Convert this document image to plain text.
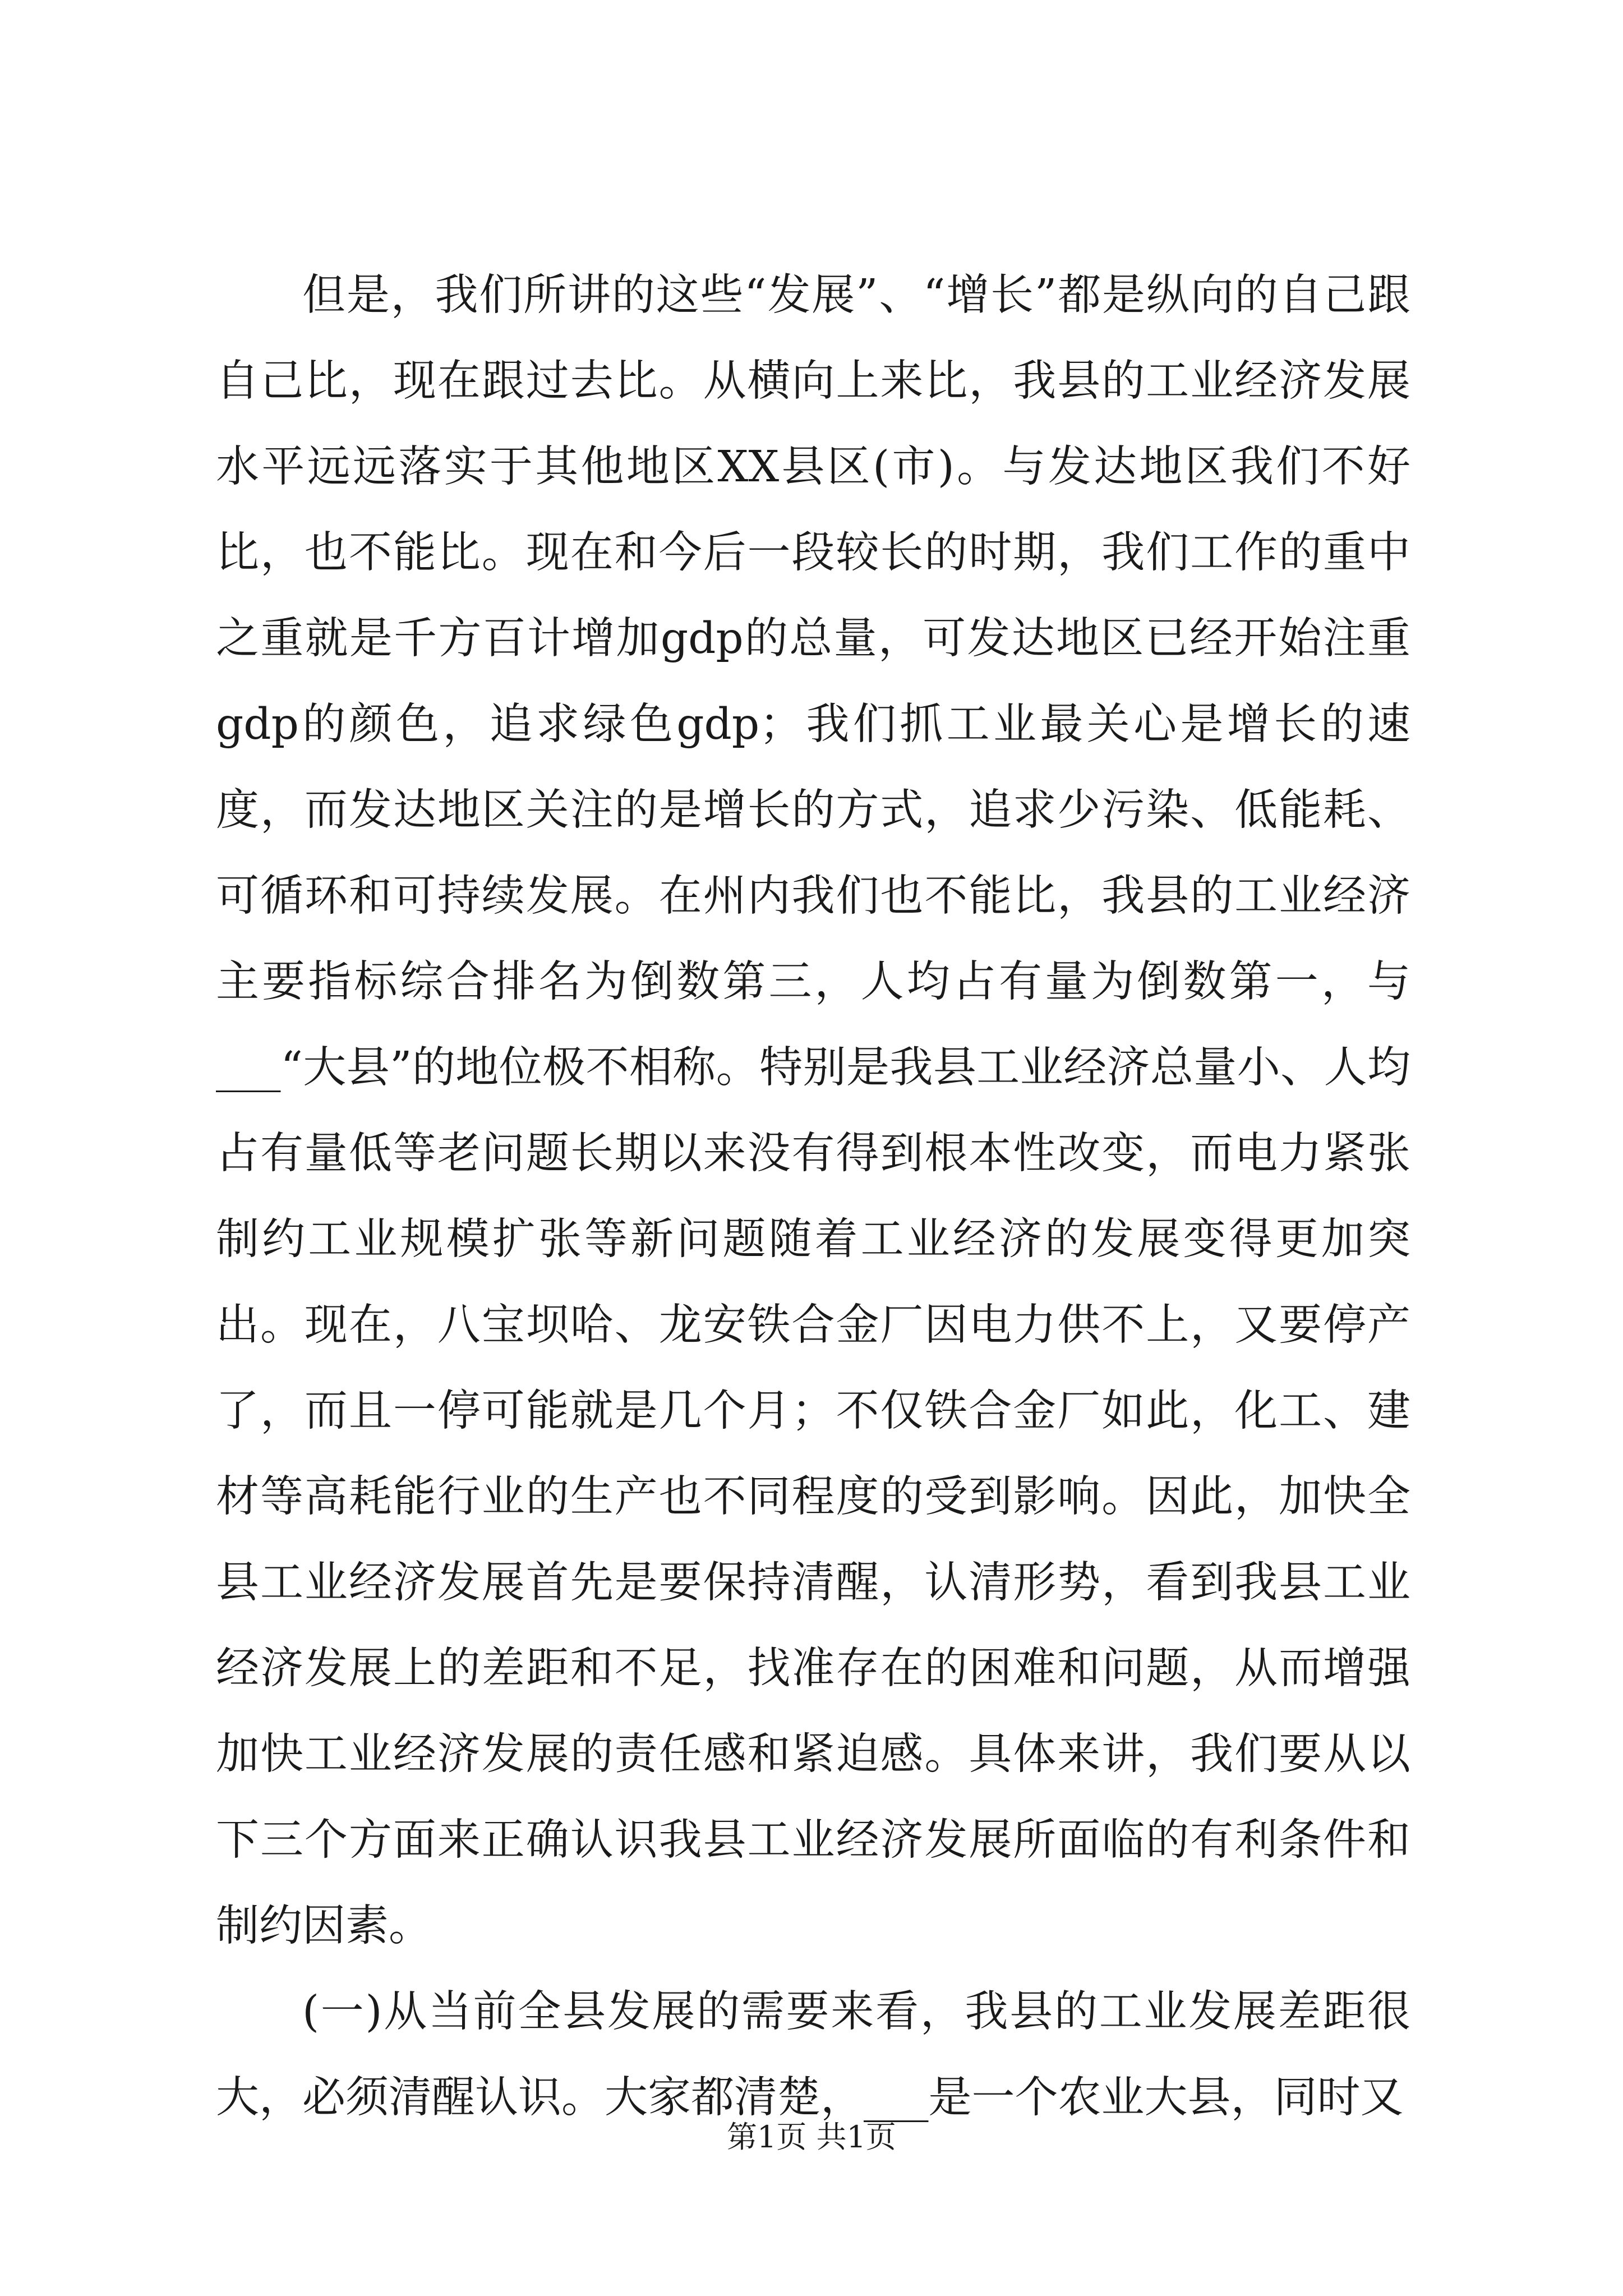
但是，我们所讲的这些“发展”、“增长”都是纵向的自己跟自己比，现在跟过去比。从横向上来比，我县的工业经济发展水平远远落实于其他地区XX县区(市)。与发达地区我们不好比，也不能比。现在和今后一段较长的时期，我们工作的重中之重就是千方百计增加gdp的总量，可发达地区已经开始注重gdp的颜色，追求绿色gdp；我们抓工业最关心是增长的速度，而发达地区关注的是增长的方式，追求少污染、低能耗、可循环和可持续发展。在州内我们也不能比，我县的工业经济主要指标综合排名为倒数第三，人均占有量为倒数第一，与___“大县”的地位极不相称。特别是我县工业经济总量小、人均占有量低等老问题长期以来没有得到根本性改变，而电力紧张制约工业规模扩张等新问题随着工业经济的发展变得更加突出。现在，八宝坝哈、龙安铁合金厂因电力供不上，又要停产了，而且一停可能就是几个月；不仅铁合金厂如此，化工、建材等高耗能行业的生产也不同程度的受到影响。因此，加快全县工业经济发展首先是要保持清醒，认清形势，看到我县工业经济发展上的差距和不足，找准存在的困难和问题，从而增强加快工业经济发展的责任感和紧迫感。具体来讲，我们要从以下三个方面来正确认识我县工业经济发展所面临的有利条件和制约因素。

(一)从当前全县发展的需要来看，我县的工业发展差距很大，必须清醒认识。大家都清楚，___是一个农业大县，同时又

第1页 共1页
